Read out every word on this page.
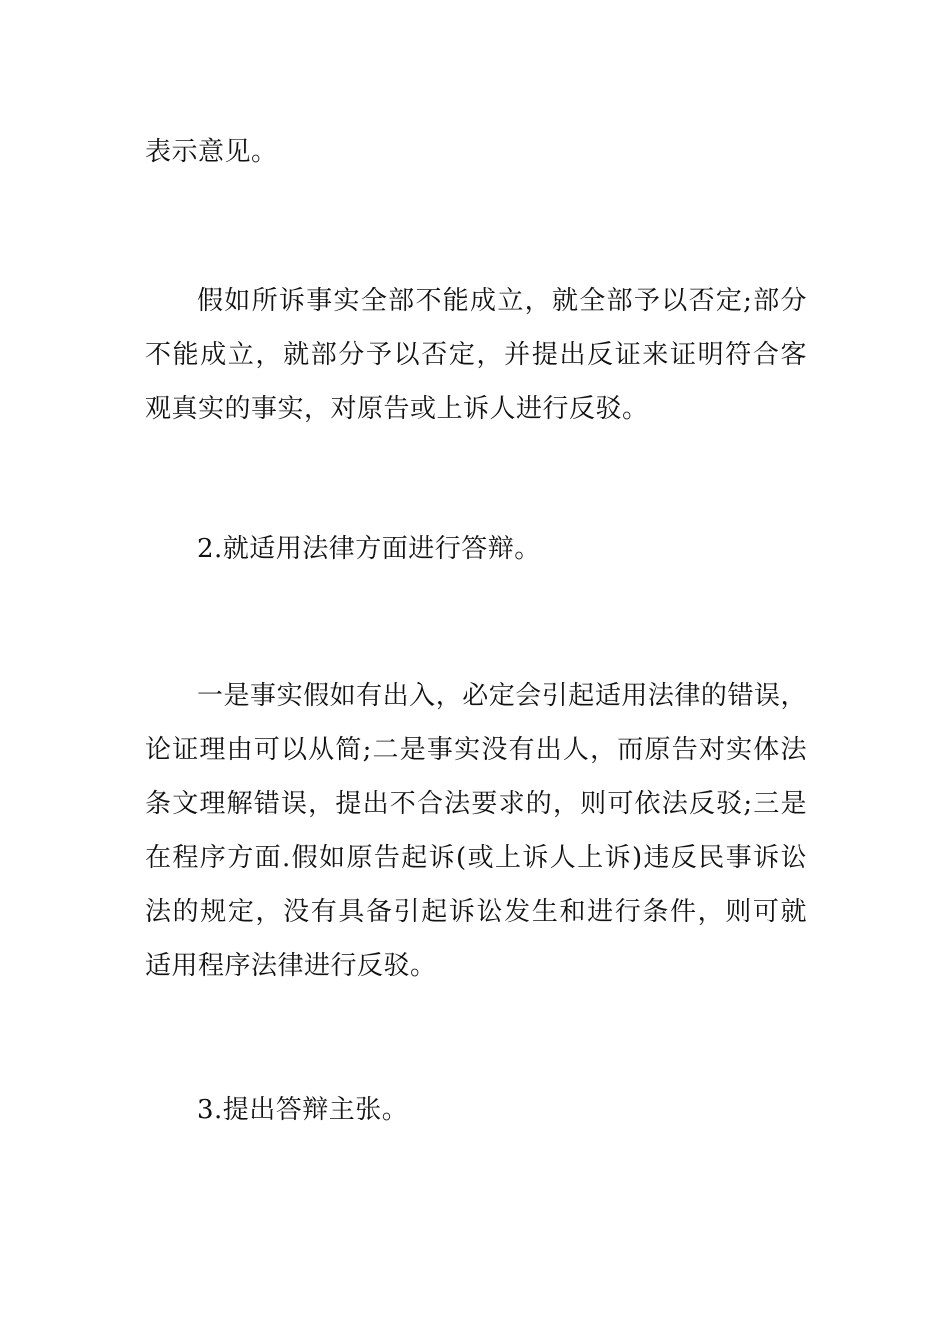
表示意见。

假如所诉事实全部不能成立，就全部予以否定;部分不能成立，就部分予以否定，并提出反证来证明符合客观真实的事实，对原告或上诉人进行反驳。

2.就适用法律方面进行答辩。

一是事实假如有出入，必定会引起适用法律的错误，论证理由可以从简;二是事实没有出人，而原告对实体法条文理解错误，提出不合法要求的，则可依法反驳;三是在程序方面.假如原告起诉(或上诉人上诉)违反民事诉讼法的规定，没有具备引起诉讼发生和进行条件，则可就适用程序法律进行反驳。

3.提出答辩主张。
